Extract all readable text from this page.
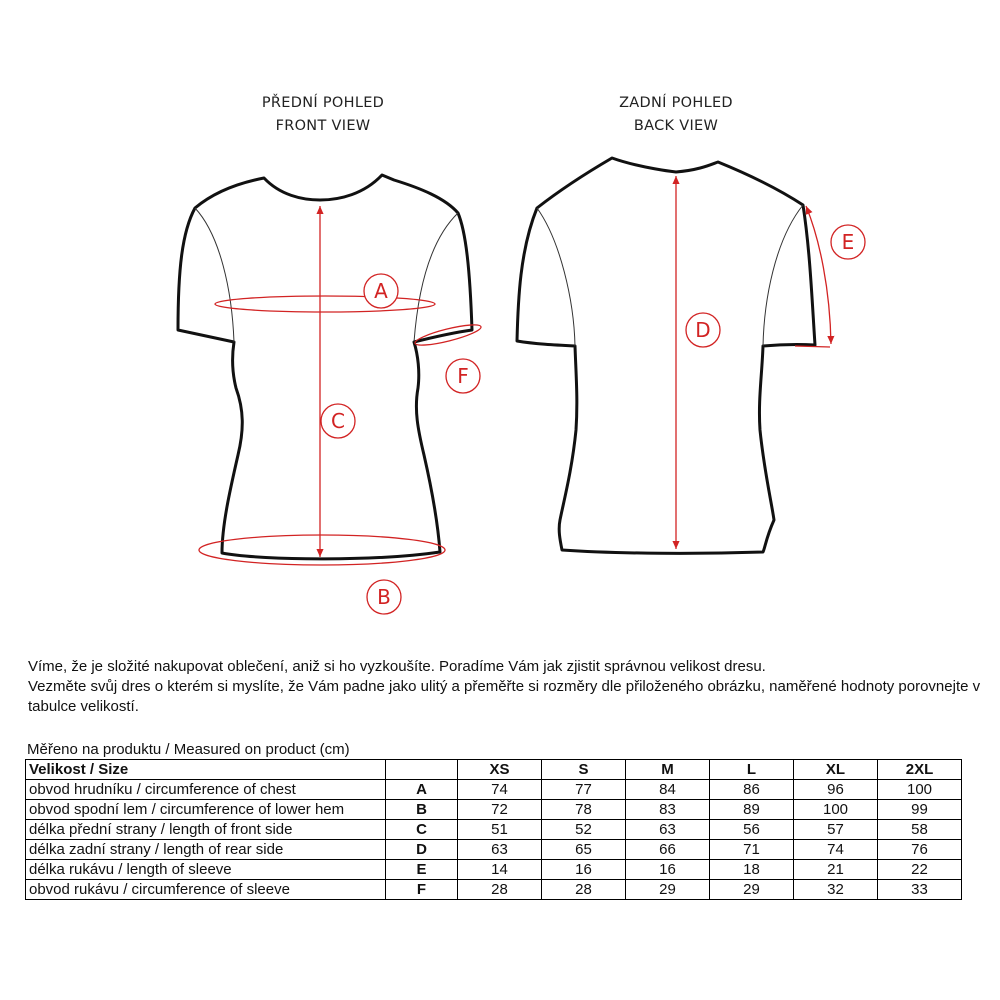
PŘEDNÍ POHLED
FRONT VIEW
A
C
F
B
ZADNÍ POHLED
BACK VIEW
D
E

Víme, že je složité nakupovat oblečení, aniž si ho vyzkoušíte. Poradíme Vám jak zjistit správnou velikost dresu.

Vezměte svůj dres o kterém si myslíte, že Vám padne jako ulitý a přeměřte si rozměry dle přiloženého obrázku, naměřené hodnoty porovnejte v tabulce velikostí.

Měřeno na produktu / Measured on product (cm)
Velikost / Size		XS	S	M	L	XL	2XL
obvod hrudníku / circumference of chest	A	74	77	84	86	96	100
obvod spodní lem / circumference of lower hem	B	72	78	83	89	100	99
délka přední strany / length of front side	C	51	52	63	56	57	58
délka zadní strany / length of rear side	D	63	65	66	71	74	76
délka rukávu / length of sleeve	E	14	16	16	18	21	22
obvod rukávu / circumference of sleeve	F	28	28	29	29	32	33
